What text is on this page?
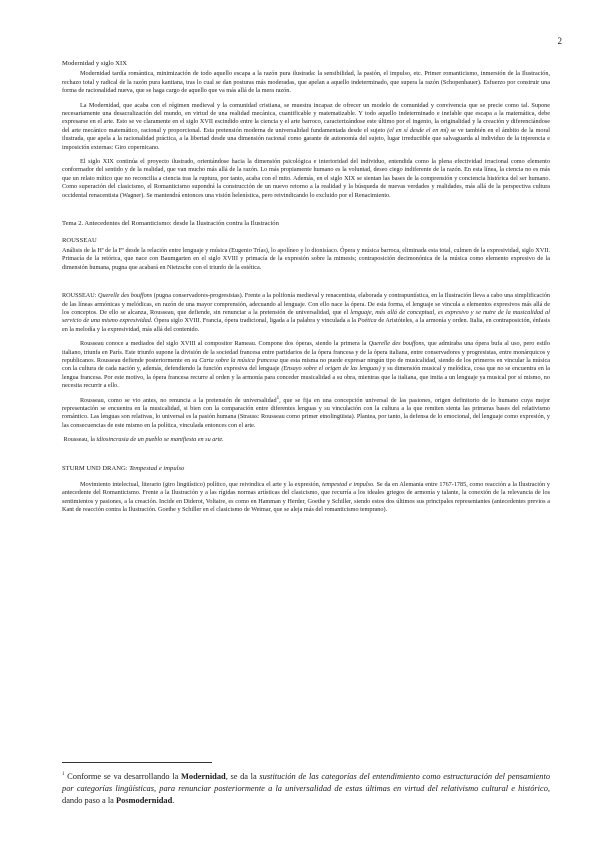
2
Modernidad y siglo XIX

Modernidad tardía romántica, minimización de todo aquello escapa a la razón pura ilustrada: la sensibilidad, la pasión, el impulso, etc. Primer romanticismo, inmersión de la Ilustración, rechazo total y radical de la razón pura kantiana, tras lo cual se dan posturas más moderadas, que apelan a aquello indeterminado, que supera la razón (Schopenhauer). Esfuerzo por construir una forma de racionalidad nueva, que se haga cargo de aquello que va más allá de la mera razón.

La Modernidad, que acaba con el régimen medieval y la comunidad cristiana, se muestra incapaz de ofrecer un modelo de comunidad y convivencia que se precie como tal. Supone necesariamente una desacralización del mundo, en virtud de una realidad mecánica, cuantificable y matematizable. Y todo aquello indeterminado e inefable que escapa a la matemática, debe expresarse en el arte. Esto se ve claramente en el siglo XVII escindido entre la ciencia y el arte barroco, caracterizándose este último por el ingenio, la originalidad y la creación y diferenciándose del arte mecánico matemático, racional y proporcional. Esta pretensión moderna de universalidad fundamentada desde el sujeto (el en sí desde el en mí) se ve también en el ámbito de la moral ilustrada, que apela a la racionalidad práctica, a la libertad desde una dimensión racional como garante de autonomía del sujeto, lugar irreductible que salvaguarda al individuo de la injerencia e imposición externas: Giro copernicano.

El siglo XIX continúa el proyecto ilustrado, orientándose hacia la dimensión psicológica e interioridad del individuo, entendida como la plena efectividad irracional como elemento conformador del sentido y de la realidad, que van mucho más allá de la razón. Lo más propiamente humano es la voluntad, deseo ciego indiferente de la razón. En esta línea, la ciencia no es más que un relato mítico que no reconcilia a ciencia tras la ruptura, por tanto, acaba con el mito. Además, en el siglo XIX se sientan las bases de la comprensión y conciencia histórica del ser humano. Como superación del clasicismo, el Romanticismo supondrá la construcción de un nuevo retorno a la realidad y la búsqueda de nuevas verdades y realidades, más allá de la perspectiva cultura occidental renacentista (Wagner). Se mantendrá entonces una visión helenística, pero reivindicando lo excluido por el Renacimiento.

Tema 2. Antecedentes del Romanticismo: desde la Ilustración contra la Ilustración
ROUSSEAU

Análisis de la Hª de la Fª desde la relación entre lenguaje y música (Eugenio Trías), lo apolíneo y lo dionisíaco. Ópera y música barroca, eliminada esta total, culmen de la expresividad, siglo XVII. Primacía de la retórica, que nace con Baumgarten en el siglo XVIII y primacía de la expresión sobre la mimesis; contraposición decimonónica de la música como elemento expresivo de la dimensión humana, pugna que acabará en Nietzsche con el triunfo de la estética.

ROUSSEAU: Querelle des bouffons (pugna conservadores-progresistas). Frente a la polifonía medieval y renacentista, elaborada y contrapuntística, en la Ilustración lleva a cabo una simplificación de las líneas armónicas y melódicas, en razón de una mayor comprensión, adecuando al lenguaje. Con ello nace la ópera. De esta forma, el lenguaje se vincula a elementos expresivos más allá de los conceptos. De ello se alcanza, Rousseau, que defiende, sin renunciar a la pretensión de universalidad, que el lenguaje, más allá de conceptual, es expresivo y se nutre de la musicalidad al servicio de una mismo expresividad. Ópera siglo XVIII. Francia, ópera tradicional, ligada a la palabra y vinculada a la Poética de Aristóteles, a la armonía y orden. Italia, en contraposición, énfasis en la melodía y la expresividad, más allá del contenido.

Rousseau conoce a mediados del siglo XVIII al compositor Rameau. Compone dos óperas, siendo la primera la Querelle des bouffons, que admiraba una ópera bufa al uso, pero estilo italiano, triunfa en París. Este triunfo supone la división de la sociedad francesa entre partidarios de la ópera francesa y de la ópera italiana, entre conservadores y progresistas, entre monárquicos y republicanos. Rousseau defiende posteriormente en su Carta sobre la música francesa que esta misma no puede expresar ningún tipo de musicalidad, siendo de los primeros en vincular la música con la cultura de cada nación y, además, defendiendo la función expresiva del lenguaje (Ensayo sobre el origen de las lenguas) y su dimensión musical y melódica, cosa que no se encuentra en la lengua francesa. Por este motivo, la ópera francesa recurre al orden y la armonía para conceder musicalidad a su obra, mientras que la italiana, que imita a un lenguaje ya musical por sí mismo, no necesita recurrir a ello.

Rousseau, como se vio antes, no renuncia a la pretensión de universalidad$^1$, que se fija en una concepción universal de las pasiones, origen definitorio de lo humano cuya mejor representación se encuentra en la musicalidad, si bien con la comparación entre diferentes lenguas y su vinculación con la cultura a la que remiten sienta las primeras bases del relativismo romántico. Las lenguas son relativas, lo universal es la pasión humana (Strauss: Rousseau como primer etnolingüista). Plantea, por tanto, la defensa de lo emocional, del lenguaje como expresión, y las consecuencias de este mismo en la política, vinculada entonces con el arte.

Rousseau, la idiosincrasia de un pueblo se manifiesta en su arte.

STURM UND DRANG: Tempestad e impulso

Movimiento intelectual, literario (giro lingüístico) político, que reivindica el arte y la expresión, tempestad e impulso. Se da en Alemania entre 1767-1785, como reacción a la Ilustración y antecedente del Romanticismo. Frente a la Ilustración y a las rígidas normas artísticas del clasicismo, que recurría a los ideales griegos de armonía y talante, la conexión de la relevancia de los sentimientos y pasiones, a la creación. Incide en Diderot, Voltaire, es como en Hamman y Herder, Goethe y Schiller, siendo estos dos últimos sus principales representantes (antecedentes previos a Kant de reacción contra la Ilustración. Goethe y Schiller en el clasicismo de Weimar, que se aleja más del romanticismo temprano).

$^1$ Conforme se va desarrollando la Modernidad, se da la sustitución de las categorías del entendimiento como estructuración del pensamiento por categorías lingüísticas, para renunciar posteriormente a la universalidad de estas últimas en virtud del relativismo cultural e histórico, dando paso a la Posmodernidad.
